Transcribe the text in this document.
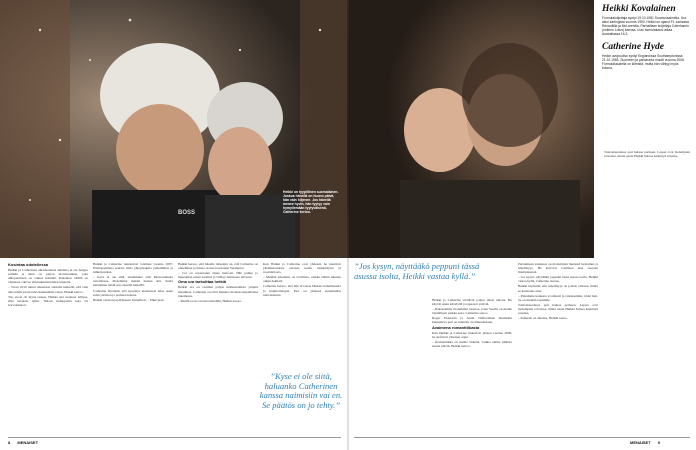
BOSS
Kosintaa odotellessa

Heikki ja Catherinen ainutlaatuista suhdetta ei ole helppo selittää ja siinä on paljon ulottuvuuksia, joita ulkopuolisten on vaikea käsittää. Kaksikon välillä on olemassa vahvaa yhteenkuuluvuuden tunnetta.

– Vuosi 2010 tuntui aikaansaa oikealla hetkellä, että olisi aika tehdä jotain tulevaisuutemme eteen, Heikki kertoo.

Tuo vuosi oli myös raskas. Heikki ajoi uudessa tallissa, eikä tuloksia tullut. Silloin kumppanin tuki oli korvaamaton.

Heikki ja Catherine tutustuivat toisiinsa vuonna 2007. Ensitapaamista seurasi tiivis yhteydenpito puhelimitse ja sähköpostitse.

– Kyse ei ole siitä, ettemmekö olisi kiinnostuneita avioliitosta. Molemmat meistä haluaa sitä, mutta haluamme tehdä sen oikealla hetkellä.

Catherine myöntää, että kysymys kosinnasta tulee usein esiin ystävien ja perheen kanssa.

Heikki vastaa kysymykseen hymyillen: – Ehkä pian.

Heikki kertoo, että hänelle tärkeintä on, että Catherine on onnellinen ja tuntee olonsa kotoisaksi Suomessa.

– Cat on sopeutunut tänne hienosti. Hän puhuu jo muutaman sanan suomea ja viihtyy lumisessa talvessa.

Oma ura tarkoittaa hetkiä

Heikin ura on vaatinut paljon matkustamista ympäri maailmaa. Catherine on ollut mukana monissa kilpailuissa tukemassa.

– Meillä ei ole tarvetta kiirehtiä, Heikki toteaa.

Kun Heikki ja Catherine ovat yhdessä, he nauttivat yksinkertaisista asioista kuten lenkkeilystä ja ruoanlaitosta.

– Meidän arkemme on tavallista, vaikka elämä muuten onkin hektistä.

Catherine kertoo, että hän arvostaa Heikin rauhallisuutta ja huumorintajua. Pari on yhdessä suunnitellut tulevaisuutta.

Heikki on tyypillinen suomalainen. Joskus hänellä on huono päivä, hän vain hiljenee. Jos hänellä menee hyvin, hän tyytyy vain hymyilemään tyytyväisenä, Catherine kertoo.
”Kyse ei ole siitä, haluanko Catherinen kanssa naimisiin vai en. Se päätös on jo tehty.”
8 MENAISET
Heikki Kovalainen

Formulakuljettaja syntyi 19.10.1981 Suomussalmella. Ura alkoi kartingista vuonna 1990. Heikki on ajanut F1-luokassa Renaultilla ja McLarenilla. Parhaillaan kuljettaja Caterhamin (entinen Lotus) kanssa. Uusi formulakausi alkaa Australiassa 16.3.

Catherine Hyde

Heikin avopuoliso syntyi Englannissa Southamptonissa 21.10.1983. Suomeen ja pariskunta muutti vuonna 2006. Formulakaudella on kiireistä, mutta hän viihtyy myös kotona.

”Jos kysyn, näyttääkö peppuni tässä asussa isolta, Heikki vastaa kyllä.”

Heikki ja Catherine viettävät paljon aikaa ulkona. He käyvät usein kävelyllä ja tapaavat ystäviä.

– Rakastamme molemmat luontoa, joten Suomi on meille täydellinen paikka asua, Catherine sanoo.

Roger Federerin ja Justin Timberlaken musiikkia kuunteleva pari on tunnettu avoimuudestaan.

Avaimena romanttiikasta

Kun Heikki ja Catherine muuttivat yhteen vuonna 2006, he aloittivat yhteisen arjen.

– Romantiikka on meille tärkeää, vaikka emme juhlista suuria päiviä, Heikki kertoo.

Parisuhteen salaisuus on molempien mielestä luottamus ja rehellisyys. He kertovat toisilleen aina suoraan mielipiteensä.

– Jos kysyn, näyttääkö peppuni tässä asussa isolta, Heikki vastaa kyllä, Catherine nauraa.

Heikki myöntää, että rehellisyys on joskus vaikeaa, mutta se kannattaa aina.

– Puhumme kaikesta avoimesti ja ratkaisemme riidat heti. Se on meidän tapamme.

Tulevaisuudessa pari haluaa perheen. Lapset ovat molempien toiveissa, mutta ensin Heikki haluaa keskittyä uraansa.

– Kaikella on aikansa, Heikki sanoo.

Tulevaisuudessa pari haluaa perheen. Lapset ovat molempien toiveissa, mutta ensin Heikki haluaa keskittyä uraansa.

MENAISET 9
